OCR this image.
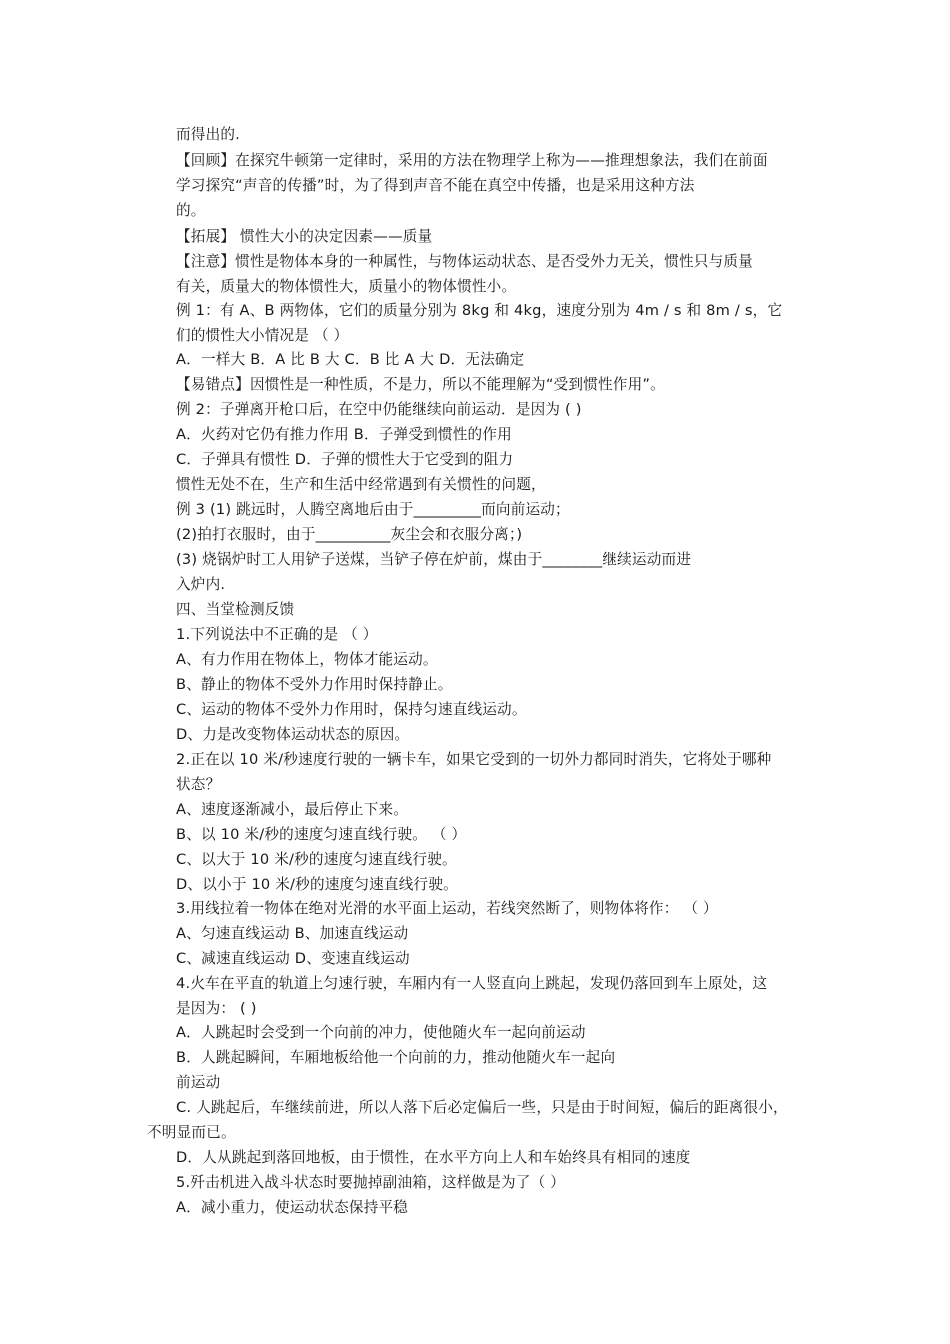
而得出的.
【回顾】在探究牛顿第一定律时，采用的方法在物理学上称为——推理想象法，我们在前面
学习探究“声音的传播”时，为了得到声音不能在真空中传播，也是采用这种方法
的。
【拓展】 惯性大小的决定因素——质量
【注意】惯性是物体本身的一种属性，与物体运动状态、是否受外力无关，惯性只与质量
有关，质量大的物体惯性大，质量小的物体惯性小。
例 1：有 A、B 两物体，它们的质量分别为 8kg 和 4kg，速度分别为 4m / s 和 8m / s，它
们的惯性大小情况是 （ ）
A．一样大 B．A 比 B 大 C．B 比 A 大 D．无法确定
【易错点】因惯性是一种性质，不是力，所以不能理解为“受到惯性作用”。
例 2：子弹离开枪口后，在空中仍能继续向前运动．是因为 ( )
A．火药对它仍有推力作用 B．子弹受到惯性的作用
C．子弹具有惯性 D．子弹的惯性大于它受到的阻力
惯性无处不在，生产和生活中经常遇到有关惯性的问题，
例 3 (1) 跳远时，人腾空离地后由于_________而向前运动；
(2)拍打衣服时，由于__________灰尘会和衣服分离；)
(3) 烧锅炉时工人用铲子送煤，当铲子停在炉前，煤由于________继续运动而进
入炉内.
四、当堂检测反馈
1.下列说法中不正确的是 （ ）
A、有力作用在物体上，物体才能运动。
B、静止的物体不受外力作用时保持静止。
C、运动的物体不受外力作用时，保持匀速直线运动。
D、力是改变物体运动状态的原因。
2.正在以 10 米/秒速度行驶的一辆卡车，如果它受到的一切外力都同时消失，它将处于哪种
状态？
A、速度逐渐减小，最后停止下来。
B、以 10 米/秒的速度匀速直线行驶。 （ ）
C、以大于 10 米/秒的速度匀速直线行驶。
D、以小于 10 米/秒的速度匀速直线行驶。
3.用线拉着一物体在绝对光滑的水平面上运动，若线突然断了，则物体将作： （ ）
A、匀速直线运动 B、加速直线运动
C、减速直线运动 D、变速直线运动
4.火车在平直的轨道上匀速行驶，车厢内有一人竖直向上跳起，发现仍落回到车上原处，这
是因为： ( )
A．人跳起时会受到一个向前的冲力，使他随火车一起向前运动
B．人跳起瞬间，车厢地板给他一个向前的力，推动他随火车一起向
前运动
C. 人跳起后，车继续前进，所以人落下后必定偏后一些，只是由于时间短，偏后的距离很小，
不明显而已。
D．人从跳起到落回地板，由于惯性，在水平方向上人和车始终具有相同的速度
5.歼击机进入战斗状态时要抛掉副油箱，这样做是为了（ ）
A．减小重力，使运动状态保持平稳
